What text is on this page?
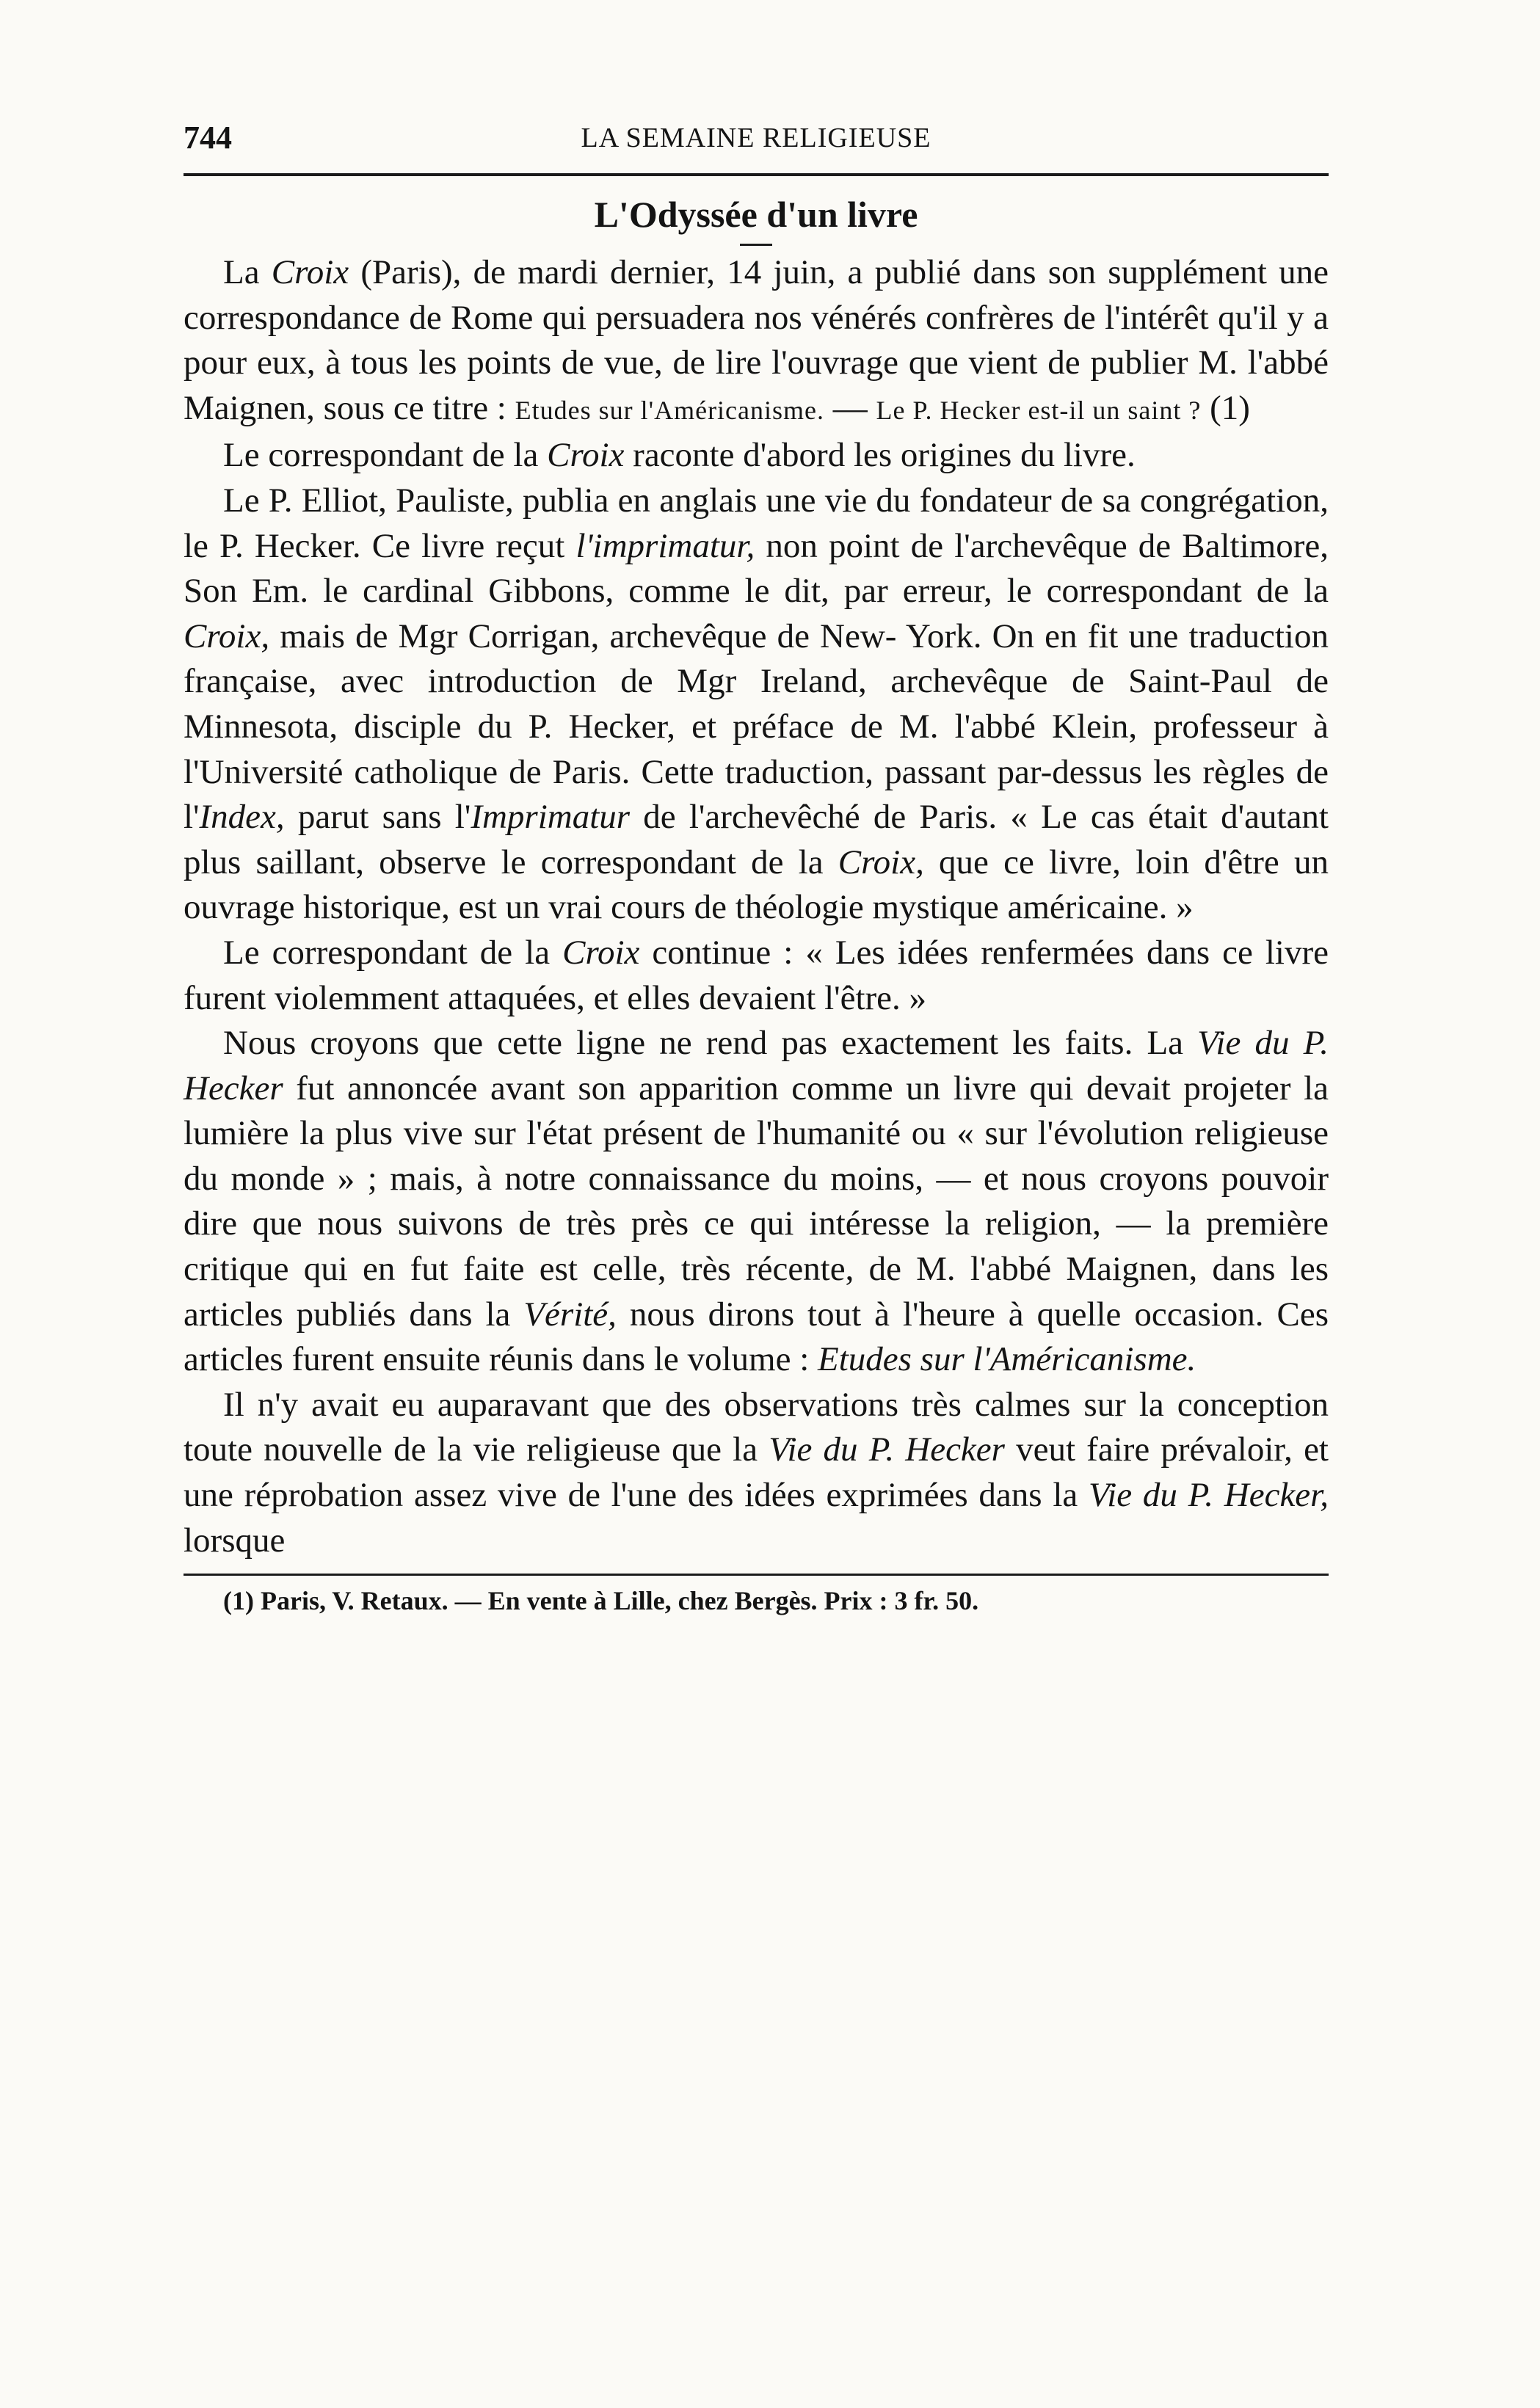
744	LA SEMAINE RELIGIEUSE
L'Odyssée d'un livre

La Croix (Paris), de mardi dernier, 14 juin, a publié dans son supplément une correspondance de Rome qui persuadera nos vénérés confrères de l'intérêt qu'il y a pour eux, à tous les points de vue, de lire l'ouvrage que vient de publier M. l'abbé Maignen, sous ce titre : Etudes sur l'Américanisme. — Le P. Hecker est-il un saint ? (1)

Le correspondant de la Croix raconte d'abord les origines du livre.

Le P. Elliot, Pauliste, publia en anglais une vie du fondateur de sa congrégation, le P. Hecker. Ce livre reçut l'imprimatur, non point de l'archevêque de Baltimore, Son Em. le cardinal Gibbons, comme le dit, par erreur, le correspondant de la Croix, mais de Mgr Corrigan, archevêque de New- York. On en fit une traduction française, avec introduction de Mgr Ireland, archevêque de Saint-Paul de Minnesota, disciple du P. Hecker, et préface de M. l'abbé Klein, professeur à l'Université catholique de Paris. Cette traduction, passant par-dessus les règles de l'Index, parut sans l'Imprimatur de l'archevêché de Paris. « Le cas était d'autant plus saillant, observe le correspondant de la Croix, que ce livre, loin d'être un ouvrage historique, est un vrai cours de théologie mystique américaine. »

Le correspondant de la Croix continue : « Les idées renfermées dans ce livre furent violemment attaquées, et elles devaient l'être. »

Nous croyons que cette ligne ne rend pas exactement les faits. La Vie du P. Hecker fut annoncée avant son apparition comme un livre qui devait projeter la lumière la plus vive sur l'état présent de l'humanité ou « sur l'évolution religieuse du monde » ; mais, à notre connaissance du moins, — et nous croyons pouvoir dire que nous suivons de très près ce qui intéresse la religion, — la première critique qui en fut faite est celle, très récente, de M. l'abbé Maignen, dans les articles publiés dans la Vérité, nous dirons tout à l'heure à quelle occasion. Ces articles furent ensuite réunis dans le volume : Etudes sur l'Américanisme.

Il n'y avait eu auparavant que des observations très calmes sur la conception toute nouvelle de la vie religieuse que la Vie du P. Hecker veut faire prévaloir, et une réprobation assez vive de l'une des idées exprimées dans la Vie du P. Hecker, lorsque

(1) Paris, V. Retaux. — En vente à Lille, chez Bergès. Prix : 3 fr. 50.
